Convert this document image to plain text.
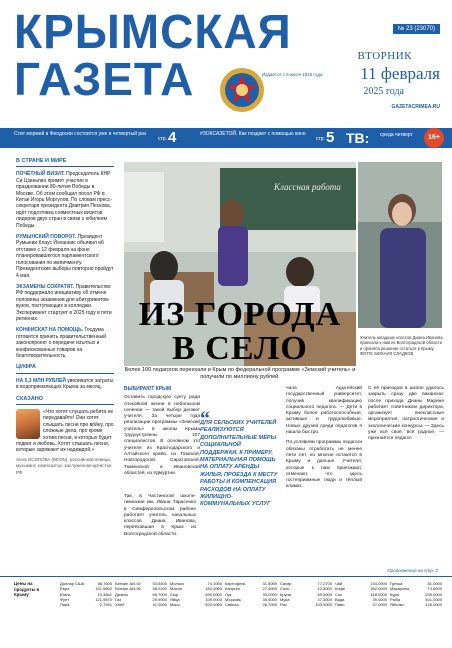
КРЫМСКАЯ
ГАЗЕТА	Издаётся с 6 июля 1918 года
№ 23 (23070)
ВТОРНИК
11 февраля
2025 года
GAZETACRIMEA.RU
Cтит моржей в Феодосии состоится уже в четвертый раз
стр. 4	#ЗОКСАЗЕТОЙ. Как поздает с помощью кино
стр. 5 ТВ: среда четверг	16+
В СТРАНЕ И МИРЕ

ПОЧЁТНЫЙ ВИЗИТ. Председатель КНР Си Цзиньпин примет участие в праздновании 80-летия Победы в Москве. Об этом сообщил посол РФ в Китае Игорь Моргулов. По словам пресс-секретаря президента Дмитрия Пескова, идёт подготовка совместных визитов лидеров двух стран в связи с юбилеем Победы.

РУМЫНСКИЙ ПОВОРОТ. Президент Румынии Клаус Йоханнис объявил об отставке с 12 февраля на фоне планировавшегося парламентского голосования по импичменту. Президентские выборы повторно пройдут 4 мая.

ЭКЗАМЕНЫ СОКРАТЯТ. Правительство РФ поддержало инициативу об отмене половины экзаменов для абитуриентов-вузов, поступающих в колледжи. Эксперимент стартует в 2025 году в пяти регионах.

КОНФИСКАТ НА ПОМОЩЬ. Госдума готовится принять правительственный законопроект о передаче изъятых и конфискованных товаров на благотворительность.

ЦИФРА

НА 5,3 МЛН РУБЛЕЙ увеличатся затраты в водоприемлющих Крыма за месяц.

СКАЗАНО

«Что хотят слушать ребята не передавайте! Они хотят слышать песни про войну, про сложные дела, про кроме хотим песни, в которых будет подвиг и любовь. Хотят слышать песни, которые заряжают их надеждой.»

Анна ОСИПОВА (BEON), российский певица, музыкант, композитор, заслуженная артистка РФ

Классная работа

Учитель младших классов Диана Иванова приехала к нам из Волгоградской области и приняла решение остаться в Крыму. ФОТО: МИХАИЛ СЛАДКОВ

ИЗ ГОРОДА
В СЕЛО

Более 100 педагогов переехали в Крым по федеральной программе «Земский учитель» и получили по миллиону рублей.

ВЫБИРАЮТ КРЫМ

Оставить городскую суету ради спокойной жизни в небольшом селении — такой выбор делают учителя. За четыре года реализации программы «Земский учитель» в школы Крыма трудоустроены 107 специалистов. В основном это учителя из Краснодарского и Алтайского краёв, из Томской, Новгородской, Саратовской, Тюменской и Ивановской областей, из Удмуртии.

Так, в Частинской школе-гимназии им. Ивана Тарасенко в Симферопольском районе работает учитель начальных классов Диана Иванова, переехавшая в Крым из Волгоградской области.

“

ДЛЯ СЕЛЬСКИХ УЧИТЕЛЕЙ РЕАЛИЗУЮТСЯ ДОПОЛНИТЕЛЬНЫЕ МЕРЫ СОЦИАЛЬНОЙ ПОДДЕРЖКИ. К ПРИМЕРУ, МАТЕРИАЛЬНАЯ ПОМОЩЬ НА ОПЛАТУ АРЕНДЫ ЖИЛЬЯ, ПРОЕЗДА К МЕСТУ РАБОТЫ И КОМПЕНСАЦИЯ РАСХОДОВ НА ОПЛАТУ ЖИЛИЩНО-КОММУНАЛЬНЫХ УСЛУГ

чила Адыгейский государственный университет, получив квалификацию социального педагога. — Дети в Крыму более работоспособные, активные и трудолюбивые. Новых друзей среди педагогов я нашла быстро.

По условиям программы педагоги обязаны отработать не менее пяти лет, но многие остаются в Крыму и дальше. Учителя, которые к нам приезжают, отмечают, что здесь гостеприимные люди и тёплый климат.

С её приездом в школе удалось закрыть сразу две вакансии: после прихода Дианы Марине работает советником директора, организует внеклассные мероприятия, патриотические и экологические конкурсы. — Здесь уже всё своё, всё родное, — признаётся педагог.

Продолжение на стр. 2
Цены на продукты в Крыму
Доллар США	98,7605
Евро	101,5802
Юань	13,4861
Фунт	121,9870
Лира	2,7591
Бензин АИ-92	53,5400
Бензин АИ-95	58,0200
Дизель	66,7000
Газ	29,9000
Хлеб	41,0000
Молоко	74,1000
Масло	182,0000
Сыр	690,0000
Яйца	109,0000
Мясо	520,0000
Картофель	31,5000
Капуста	27,9000
Лук	30,0000
Морковь	35,4000
Свёкла	28,7000
Сахар	77,2700
Соль	12,8000
Крупа	69,5000
Мука	47,3000
Рис	103,9000
Чай	134,0000
Кофе	392,0000
Сок	118,0000
Вода	39,0000
Пиво	97,0000
Гречка	81,0000
Макароны	74,6000
Куры	239,0000
Рыба	401,0000
Яблоки	126,0000
